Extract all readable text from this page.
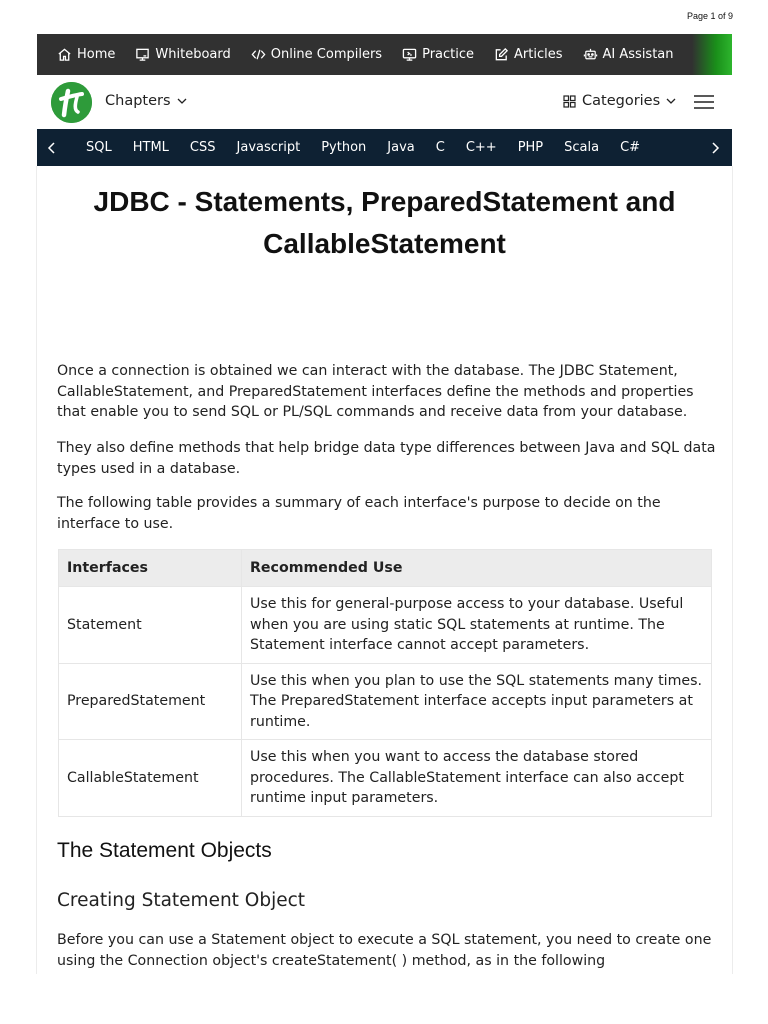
Page 1 of 9
Home	Whiteboard	Online Compilers	Practice	Articles	AI Assistan
Chapters	Categories
SQL HTML CSS Javascript Python Java C C++ PHP Scala C#
JDBC - Statements, PreparedStatement and CallableStatement

Once a connection is obtained we can interact with the database. The JDBC Statement, CallableStatement, and PreparedStatement interfaces define the methods and properties that enable you to send SQL or PL/SQL commands and receive data from your database.

They also define methods that help bridge data type differences between Java and SQL data types used in a database.

The following table provides a summary of each interface's purpose to decide on the interface to use.

Interfaces	Recommended Use
Statement	Use this for general-purpose access to your database. Useful when you are using static SQL statements at runtime. The Statement interface cannot accept parameters.
PreparedStatement	Use this when you plan to use the SQL statements many times. The PreparedStatement interface accepts input parameters at runtime.
CallableStatement	Use this when you want to access the database stored procedures. The CallableStatement interface can also accept runtime input parameters.
The Statement Objects
Creating Statement Object

Before you can use a Statement object to execute a SQL statement, you need to create one using the Connection object's createStatement( ) method, as in the following
